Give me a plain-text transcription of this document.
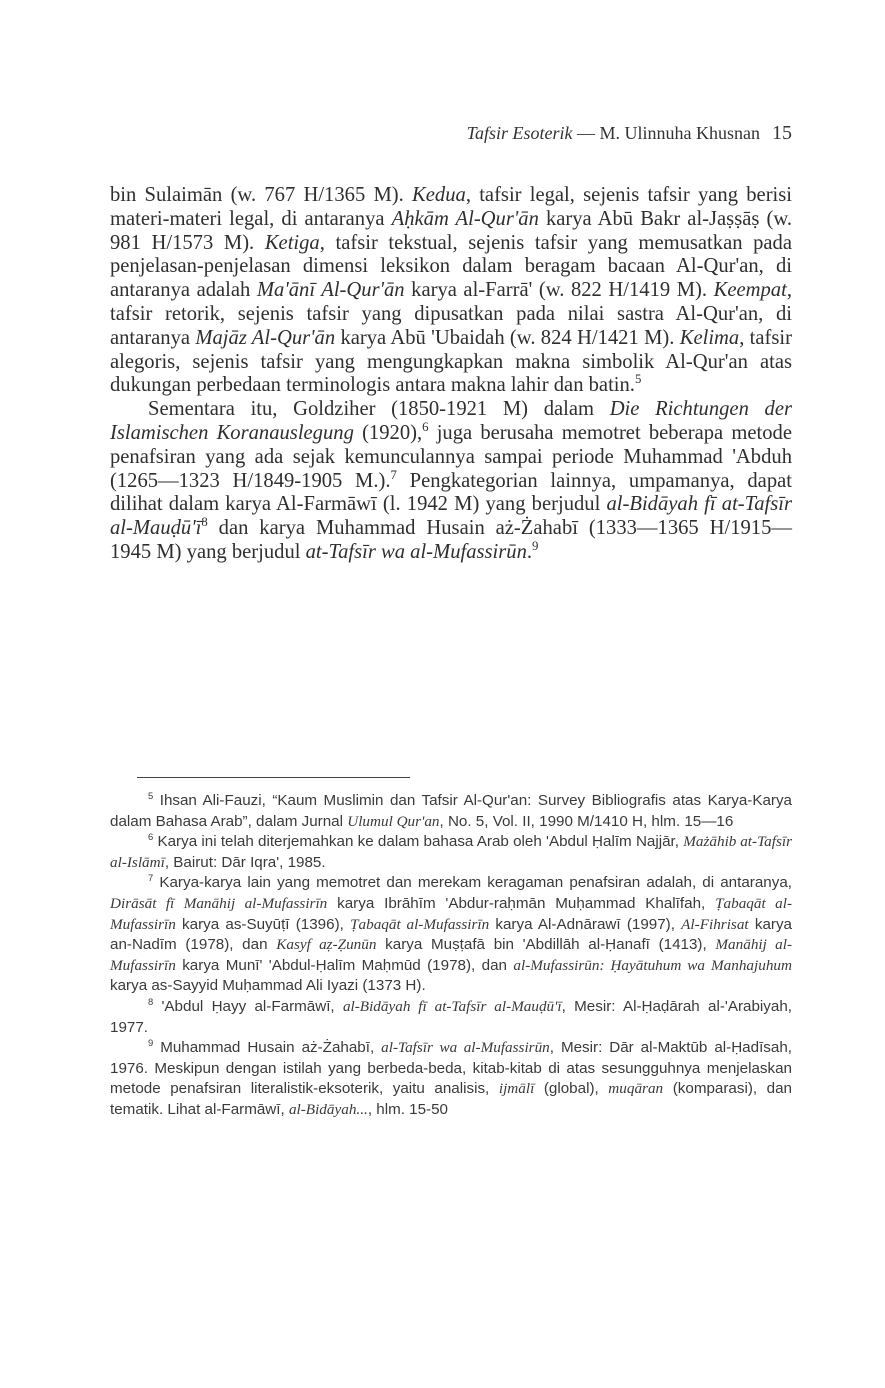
Tafsir Esoterik — M. Ulinnuha Khusnan 15

bin Sulaimān (w. 767 H/1365 M). Kedua, tafsir legal, sejenis tafsir yang berisi materi-materi legal, di antaranya Aḥkām Al-Qur'ān karya Abū Bakr al-Jaṣṣāṣ (w. 981 H/1573 M). Ketiga, tafsir tekstual, sejenis tafsir yang memusatkan pada penjelasan-penjelasan dimensi leksikon dalam beragam bacaan Al-Qur'an, di antaranya adalah Ma'ānī Al-Qur'ān karya al-Farrā' (w. 822 H/1419 M). Keempat, tafsir retorik, sejenis tafsir yang dipusatkan pada nilai sastra Al-Qur'an, di antaranya Majāz Al-Qur'ān karya Abū 'Ubaidah (w. 824 H/1421 M). Kelima, tafsir alegoris, sejenis tafsir yang mengungkapkan makna simbolik Al-Qur'an atas dukungan perbedaan terminologis antara makna lahir dan batin.$^5$

Sementara itu, Goldziher (1850-1921 M) dalam Die Richtungen der Islamischen Koranauslegung (1920),$^6$ juga berusaha memotret beberapa metode penafsiran yang ada sejak kemunculannya sampai periode Muhammad 'Abduh (1265—1323 H/1849-1905 M.).$^7$ Pengkategorian lainnya, umpamanya, dapat dilihat dalam karya Al-Farmāwī (l. 1942 M) yang berjudul al-Bidāyah fī at-Tafsīr $al-Mauḍū'ī^8$ dan karya Muhammad Husain aż-Żahabī (1333—1365 H/1915—1945 M) yang berjudul at-Tafsīr wa al-Mufassirūn.$^9$

$^5$ Ihsan Ali-Fauzi, “Kaum Muslimin dan Tafsir Al-Qur'an: Survey Bibliografis atas Karya-Karya dalam Bahasa Arab”, dalam Jurnal Ulumul Qur'an, No. 5, Vol. II, 1990 M/1410 H, hlm. 15—16

$^6$ Karya ini telah diterjemahkan ke dalam bahasa Arab oleh 'Abdul Ḥalīm Najjār, Mażāhib at-Tafsīr al-Islāmī, Bairut: Dār Iqra', 1985.

$^7$ Karya-karya lain yang memotret dan merekam keragaman penafsiran adalah, di antaranya, Dirāsāt fī Manāhij al-Mufassirīn karya Ibrāhīm 'Abdur-raḥmān Muḥammad Khalīfah, Ṭabaqāt al-Mufassirīn karya as-Suyūṭī (1396), Ṭabaqāt al-Mufassirīn karya Al-Adnārawī (1997), Al-Fihrisat karya an-Nadīm (1978), dan Kasyf aẓ-Ẓunūn karya Muṣṭafā bin 'Abdillāh al-Ḥanafī (1413), Manāhij al-Mufassirīn karya Munī' 'Abdul-Ḥalīm Maḥmūd (1978), dan al-Mufassirūn: Ḥayātuhum wa Manhajuhum karya as-Sayyid Muḥammad Ali Iyazi (1373 H).

$^8$ 'Abdul Ḥayy al-Farmāwī, al-Bidāyah fī at-Tafsīr al-Mauḍū'ī, Mesir: Al-Ḥaḍārah al-'Arabiyah, 1977.

$^9$ Muhammad Husain aż-Żahabī, al-Tafsīr wa al-Mufassirūn, Mesir: Dār al-Maktūb al-Ḥadīsah, 1976. Meskipun dengan istilah yang berbeda-beda, kitab-kitab di atas sesungguhnya menjelaskan metode penafsiran literalistik-eksoterik, yaitu analisis, ijmālī (global), muqāran (komparasi), dan tematik. Lihat al-Farmāwī, al-Bidāyah..., hlm. 15-50
